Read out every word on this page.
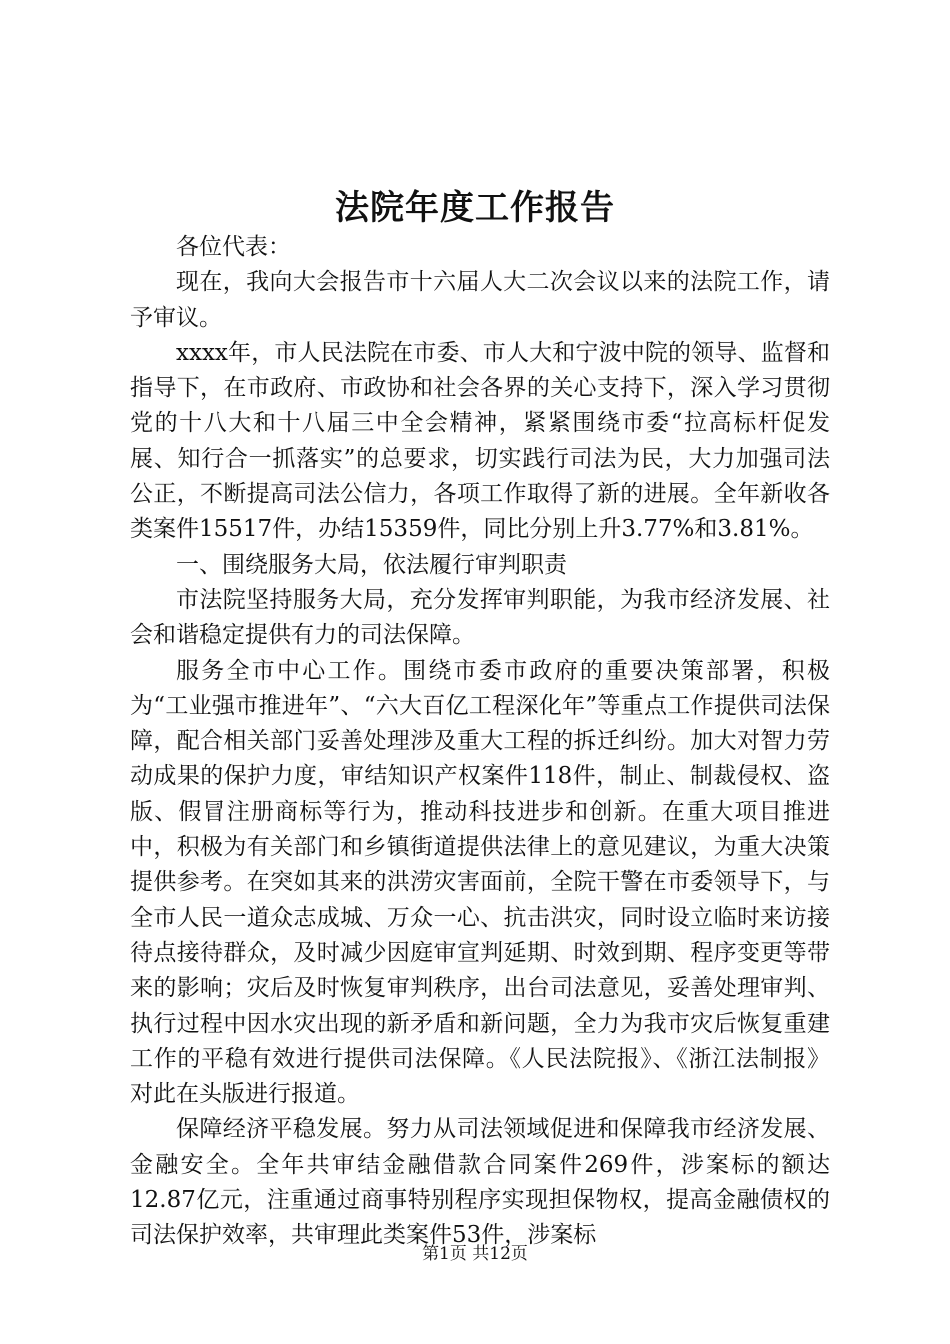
法院年度工作报告

各位代表：

现在，我向大会报告市十六届人大二次会议以来的法院工作，请予审议。

xxxx年，市人民法院在市委、市人大和宁波中院的领导、监督和指导下，在市政府、市政协和社会各界的关心支持下，深入学习贯彻党的十八大和十八届三中全会精神，紧紧围绕市委“拉高标杆促发展、知行合一抓落实”的总要求，切实践行司法为民，大力加强司法公正，不断提高司法公信力，各项工作取得了新的进展。全年新收各类案件15517件，办结15359件，同比分别上升3.77%和3.81%。

一、围绕服务大局，依法履行审判职责

市法院坚持服务大局，充分发挥审判职能，为我市经济发展、社会和谐稳定提供有力的司法保障。

服务全市中心工作。围绕市委市政府的重要决策部署，积极为“工业强市推进年”、“六大百亿工程深化年”等重点工作提供司法保障，配合相关部门妥善处理涉及重大工程的拆迁纠纷。加大对智力劳动成果的保护力度，审结知识产权案件118件，制止、制裁侵权、盗版、假冒注册商标等行为，推动科技进步和创新。在重大项目推进中，积极为有关部门和乡镇街道提供法律上的意见建议，为重大决策提供参考。在突如其来的洪涝灾害面前，全院干警在市委领导下，与全市人民一道众志成城、万众一心、抗击洪灾，同时设立临时来访接待点接待群众，及时减少因庭审宣判延期、时效到期、程序变更等带来的影响；灾后及时恢复审判秩序，出台司法意见，妥善处理审判、执行过程中因水灾出现的新矛盾和新问题，全力为我市灾后恢复重建工作的平稳有效进行提供司法保障。《人民法院报》、《浙江法制报》对此在头版进行报道。

保障经济平稳发展。努力从司法领域促进和保障我市经济发展、金融安全。全年共审结金融借款合同案件269件，涉案标的额达12.87亿元，注重通过商事特别程序实现担保物权，提高金融债权的司法保护效率，共审理此类案件53件，涉案标

第1页 共12页
